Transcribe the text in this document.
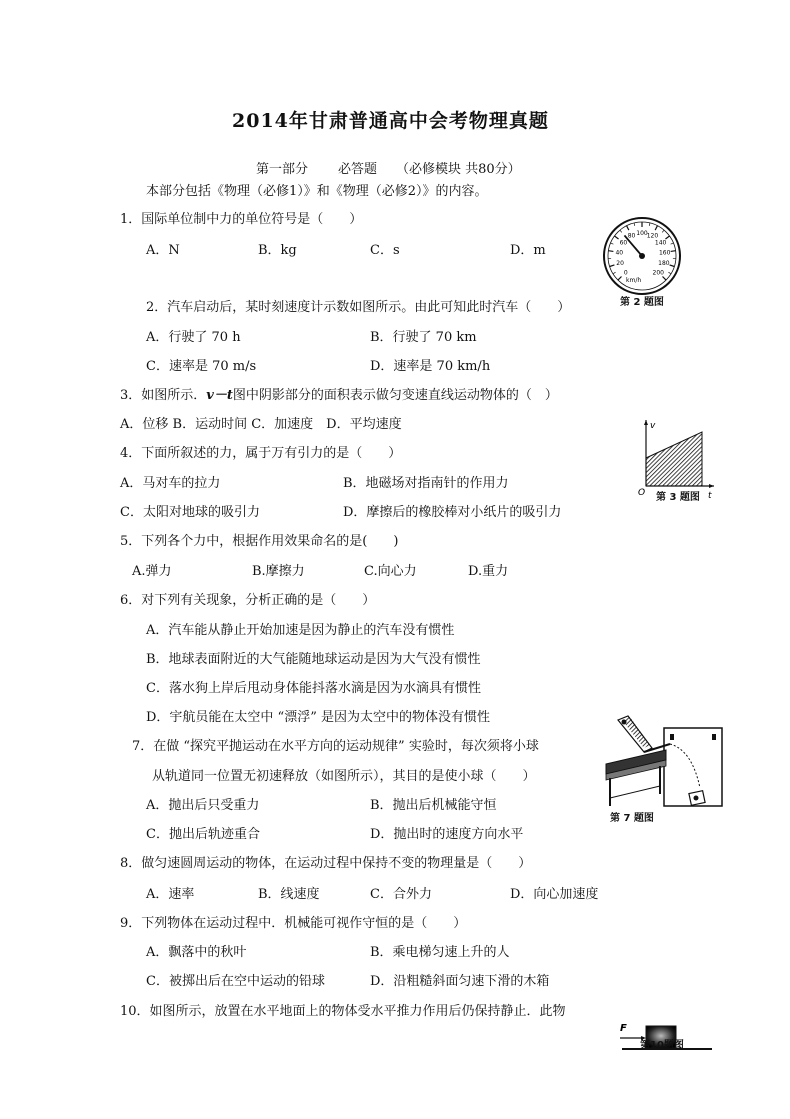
2014年甘肃普通高中会考物理真题
第一部分 必答题 （必修模块 共80分）
本部分包括《物理（必修1）》和《物理（必修2）》的内容。
1．国际单位制中力的单位符号是（　　）
A．N	B．kg	C．s	D．m
0
20
40
60
80 100
120
140
160
180
200
km/h
第 2 题图
2．汽车启动后，某时刻速度计示数如图所示。由此可知此时汽车（　　）
A．行驶了 70 h	B．行驶了 70 km
C．速率是 70 m/s	D．速率是 70 km/h
3．如图所示．v－t图中阴影部分的面积表示做匀变速直线运动物体的（　）
A．位移 B．运动时间 C．加速度　D．平均速度	v
t
O 第 3 题图
4．下面所叙述的力，属于万有引力的是（　　）
A．马对车的拉力	B．地磁场对指南针的作用力
C．太阳对地球的吸引力	D．摩擦后的橡胶棒对小纸片的吸引力
5．下列各个力中，根据作用效果命名的是(　　)
A.弹力	B.摩擦力	C.向心力	D.重力
6．对下列有关现象，分析正确的是（　　）
A．汽车能从静止开始加速是因为静止的汽车没有惯性
B．地球表面附近的大气能随地球运动是因为大气没有惯性
C．落水狗上岸后甩动身体能抖落水滴是因为水滴具有惯性
D．宇航员能在太空中 “漂浮” 是因为太空中的物体没有惯性
第 7 题图
7．在做 “探究平抛运动在水平方向的运动规律” 实验时，每次须将小球
从轨道同一位置无初速释放（如图所示），其目的是使小球（　　）
A．抛出后只受重力	B．抛出后机械能守恒
C．抛出后轨迹重合	D．抛出时的速度方向水平
8．做匀速圆周运动的物体，在运动过程中保持不变的物理量是（　　）
A．速率	B．线速度	C．合外力	D．向心加速度
9．下列物体在运动过程中．机械能可视作守恒的是（　　）
A．飘落中的秋叶	B．乘电梯匀速上升的人
C．被掷出后在空中运动的铅球	D．沿粗糙斜面匀速下滑的木箱
10．如图所示，放置在水平地面上的物体受水平推力作用后仍保持静止．此物
F
第10题图
